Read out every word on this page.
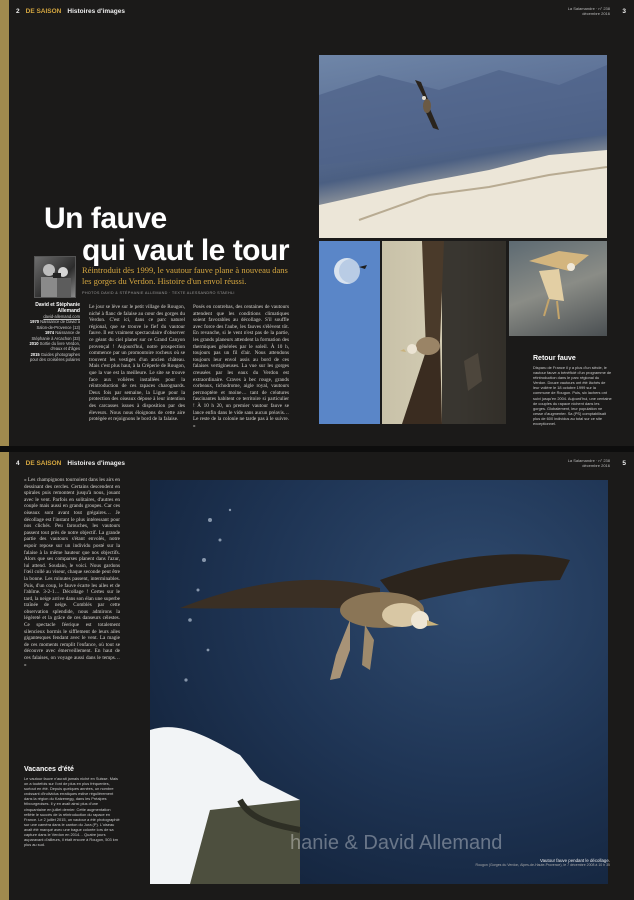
2 DE SAISON Histoires d'images	La Salamandre · n° 238
décembre 2016 3
Un fauve
qui vaut le tour

Réintroduit dès 1999, le vautour fauve plane à nouveau dans les gorges du Verdon. Histoire d'un envol réussi.

PHOTOS DAVID & STÉPHANIE ALLEMAND · TEXTE ALESSANDRO STAEHLI

David et Stéphanie Allemand
david-allemand.com
1970 Naissance de David à Salon-de-Provence (13)
1974 Naissance de Stéphanie à Arcachon (33)
2010 Sortie du livre Verdon, d'eaux et d'âges
2015 Guides photographes pour des croisières polaires

Le jour se lève sur le petit village de Rougon, niché à flanc de falaise au cœur des gorges du Verdon. C'est ici, dans ce parc naturel régional, que se trouve le fief du vautour fauve. Il est vraiment spectaculaire d'observer ce géant du ciel planer sur ce Grand Canyon provençal ! Aujourd'hui, notre prospection commence par un promontoire rocheux où se trouvent les vestiges d'un ancien château. Mais c'est plus haut, à la Crêperie de Rougon, que la vue est la meilleure. Le site se trouve face aux volières installées pour la réintroduction de ces rapaces charognards. Deux fois par semaine, la Ligue pour la protection des oiseaux dépose à leur intention des carcasses issues à disposition par des éleveurs. Nous nous éloignons de cette aire protégée et rejoignons le bord de la falaise.

Posés en contrebas, des centaines de vautours attendent que les conditions climatiques soient favorables au décollage. S'il souffle avec force des l'aube, les fauves s'élèvent tôt. En revanche, si le vent n'est pas de la partie, les grands planeurs attendent la formation des thermiques générées par le soleil. À 10 h, toujours pas un fil d'air. Nous attendons toujours leur envol assis au bord de ces falaises vertigineuses. La vue sur les gorges creusées par les eaux du Verdon est extraordinaire. Craves à bec rouge, grands corbeaux, tichodrome, aigle royal, vautours percnoptère et moine… tant de créatures fascinantes habitent ce territoire si particulier ! À 10 h 20, un premier vautour fauve se lance enfin dans le vide sans aucun préavis… Le reste de la colonie ne tarde pas à le suivre. »

Retour fauve

Disparu de France il y a plus d'un siècle, le vautour fauve a bénéficié d'un programme de réintroduction dans le parc régional du Verdon. Douze vautours ont été lâchés de leur volière le 18 octobre 1999 sur la commune de Rougon. Puis, six lachers ont suivi jusqu'en 2004. Aujourd'hui, une centaine de couples du rapace nichent dans les gorges. Globalement, leur population ne cesse d'augmenter. Sa (PS) comptabilisait plus de 600 individus au total sur ce site exceptionnel.

4 DE SAISON Histoires d'images	La Salamandre · n° 238
décembre 2016 5

« Les champignons tournoient dans les airs en dessinant des cercles. Certains descendent en spirales puis remontent jusqu'à nous, jouant avec le vent. Parfois en solitaires, d'autres en couple mais aussi en grands groupes. Car ces oiseaux sont avant tout grégaires… Je décollage est l'instant le plus intéressant pour nos clichés. Peu farouches, les vautours passent tout près de notre objectif. La grande partie des vautours s'étant envolés, notre espoir repose sur un individu posté sur la falaise à la même hauteur que nos objectifs. Alors que ses comparses planent dans l'azur, lui attend. Soudain, le voici. Nous gardons l'œil collé au viseur, chaque seconde peut être la bonne. Les minutes passent, interminables. Puis, d'un coup, le fauve écarte les ailes et de l'abîme. 3-2-1… Décollage ! Certes sur le tard, la neige arrive dans son élan une superbe traînée de neige. Comblés par cette observation splendide, nous admirons la légèreté et la grâce de ces danseurs célestes. Ce spectacle féerique est totalement silencieux hormis le sifflement de leurs ailes gigantesques fendant avec le vent. La magie de ces moments remplit l'enfance, où tout se découvre avec émerveillement. En haut de ces falaises, on voyage aussi dans le temps… »

Vacances d'été

Le vautour fauve n'aurait jamais niché en Suisse. Mais on a toutefois sur l'ont de plus en plus fréquentes, surtout en été. Depuis quelques années, un nombre croissant d'individus erratiques estive régulièrement dans la région du Katzenegg, dans les Préalpes fribourgeoises. Il y en avait ainsi plus d'une cinquantaine en juillet dernier. Cette augmentation reflète le succès de la réintroduction du rapace en France. Le 2 juillet 2015, un vautour a été photographié sur une caméra dans le canton du Jura (P). L'oiseau avait été marqué avec une bague colorée lors de sa capture dans le Verdon en 2014… Quatre jours auparavant d'ailleurs, il était encore à Rougon, 503 km plus au sud.	hanie & David Allemand
Vautour fauve pendant le décollage.
Rougon (Gorges du Verdon, Alpes-de-Haute-Provence), le 7 décembre 2008 à 10 h 35
